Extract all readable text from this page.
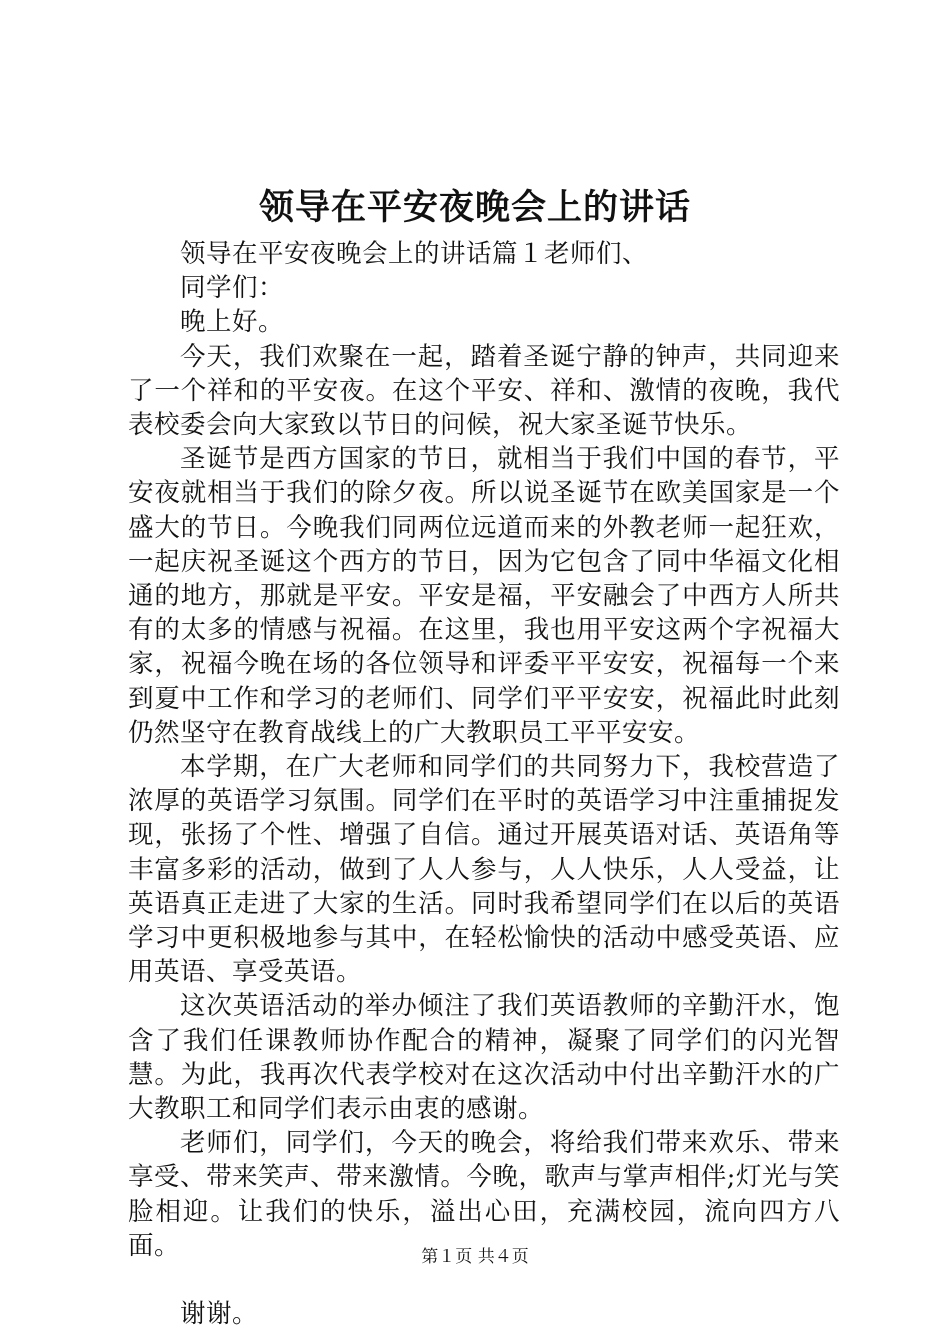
领导在平安夜晚会上的讲话

领导在平安夜晚会上的讲话篇１老师们、

同学们：

晚上好。

今天，我们欢聚在一起，踏着圣诞宁静的钟声，共同迎来了一个祥和的平安夜。在这个平安、祥和、激情的夜晚，我代表校委会向大家致以节日的问候，祝大家圣诞节快乐。

圣诞节是西方国家的节日，就相当于我们中国的春节，平安夜就相当于我们的除夕夜。所以说圣诞节在欧美国家是一个盛大的节日。今晚我们同两位远道而来的外教老师一起狂欢，一起庆祝圣诞这个西方的节日，因为它包含了同中华福文化相通的地方，那就是平安。平安是福，平安融会了中西方人所共有的太多的情感与祝福。在这里，我也用平安这两个字祝福大家，祝福今晚在场的各位领导和评委平平安安，祝福每一个来到夏中工作和学习的老师们、同学们平平安安，祝福此时此刻仍然坚守在教育战线上的广大教职员工平平安安。

本学期，在广大老师和同学们的共同努力下，我校营造了浓厚的英语学习氛围。同学们在平时的英语学习中注重捕捉发现，张扬了个性、增强了自信。通过开展英语对话、英语角等丰富多彩的活动，做到了人人参与，人人快乐，人人受益，让英语真正走进了大家的生活。同时我希望同学们在以后的英语学习中更积极地参与其中，在轻松愉快的活动中感受英语、应用英语、享受英语。

这次英语活动的举办倾注了我们英语教师的辛勤汗水，饱含了我们任课教师协作配合的精神，凝聚了同学们的闪光智慧。为此，我再次代表学校对在这次活动中付出辛勤汗水的广大教职工和同学们表示由衷的感谢。

老师们，同学们，今天的晚会，将给我们带来欢乐、带来享受、带来笑声、带来激情。今晚，歌声与掌声相伴;灯光与笑脸相迎。让我们的快乐，溢出心田，充满校园，流向四方八面。

谢谢。

第１页 共４页
